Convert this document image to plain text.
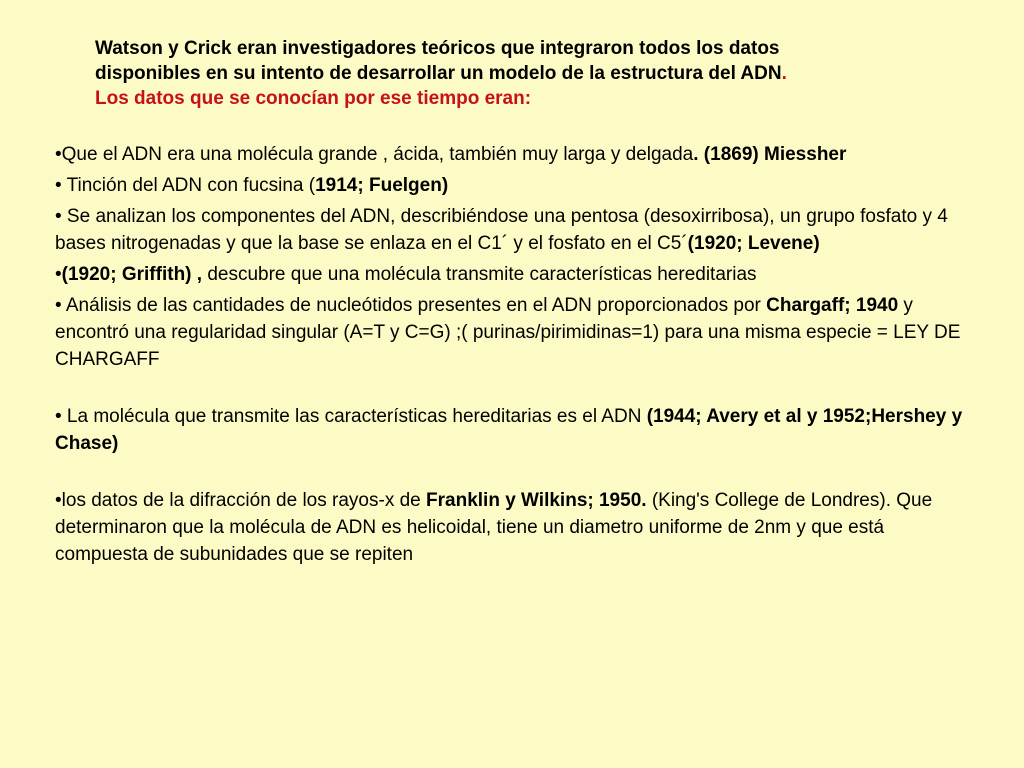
Watson y Crick eran investigadores teóricos que integraron todos los datos
disponibles en su intento de desarrollar un modelo de la estructura del ADN.
Los datos que se conocían por ese tiempo eran:

•Que el ADN era una molécula grande , ácida, también muy larga y delgada. (1869) Miessher

• Tinción del ADN con fucsina (1914; Fuelgen)

• Se analizan los componentes del ADN, describiéndose una pentosa (desoxirribosa), un grupo fosfato y 4 bases nitrogenadas y que la base se enlaza en el C1´ y el fosfato en el C5´(1920; Levene)

•(1920; Griffith) , descubre que una molécula transmite características hereditarias

• Análisis de las cantidades de nucleótidos presentes en el ADN proporcionados por Chargaff; 1940 y encontró una regularidad singular (A=T y C=G) ;( purinas/pirimidinas=1) para una misma especie = LEY DE CHARGAFF

• La molécula que transmite las características hereditarias es el ADN (1944; Avery et al y 1952;Hershey y Chase)

•los datos de la difracción de los rayos-x de Franklin y Wilkins; 1950. (King's College de Londres). Que determinaron que la molécula de ADN es helicoidal, tiene un diametro uniforme de 2nm y que está compuesta de subunidades que se repiten
